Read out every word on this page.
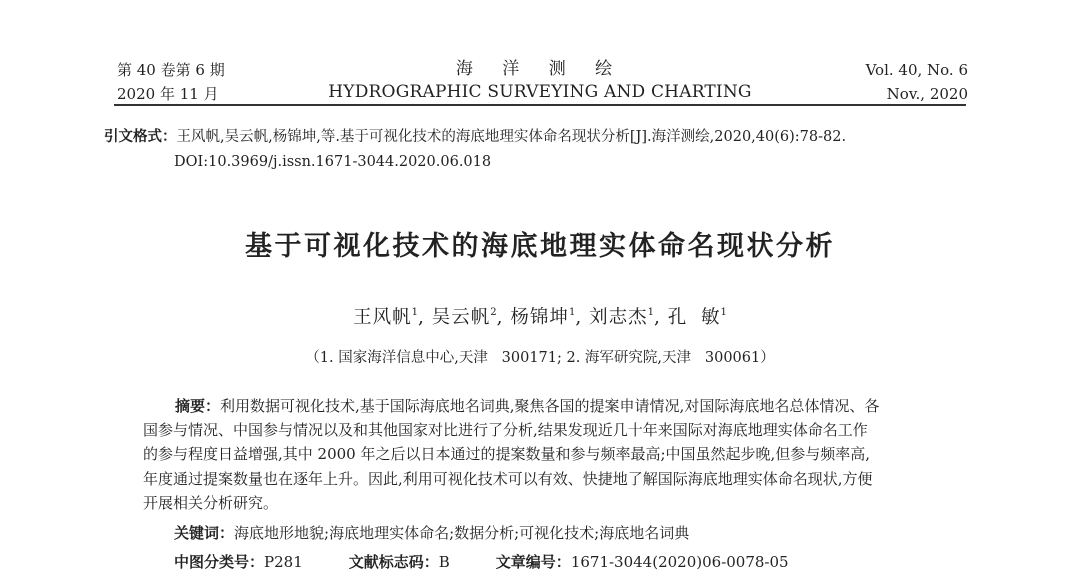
第 40 卷第 6 期
2020 年 11 月
海 洋 测 绘
HYDROGRAPHIC SURVEYING AND CHARTING
Vol. 40, No. 6
Nov., 2020
引文格式：王风帆,吴云帆,杨锦坤,等.基于可视化技术的海底地理实体命名现状分析[J].海洋测绘,2020,40(6):78-82.
DOI:10.3969/j.issn.1671-3044.2020.06.018
基于可视化技术的海底地理实体命名现状分析
王风帆$^1$, 吴云帆$^2$, 杨锦坤$^1$, 刘志杰$^1$, 孔  敏$^1$
（1. 国家海洋信息中心,天津   300171; 2. 海军研究院,天津   300061）
摘要：利用数据可视化技术,基于国际海底地名词典,聚焦各国的提案申请情况,对国际海底地名总体情况、各
国参与情况、中国参与情况以及和其他国家对比进行了分析,结果发现近几十年来国际对海底地理实体命名工作
的参与程度日益增强,其中 2000 年之后以日本通过的提案数量和参与频率最高;中国虽然起步晚,但参与频率高,
年度通过提案数量也在逐年上升。因此,利用可视化技术可以有效、快捷地了解国际海底地理实体命名现状,方便
开展相关分析研究。
关键词：海底地形地貌;海底地理实体命名;数据分析;可视化技术;海底地名词典
中图分类号：P281	文献标志码：B	文章编号：1671-3044(2020)06-0078-05
